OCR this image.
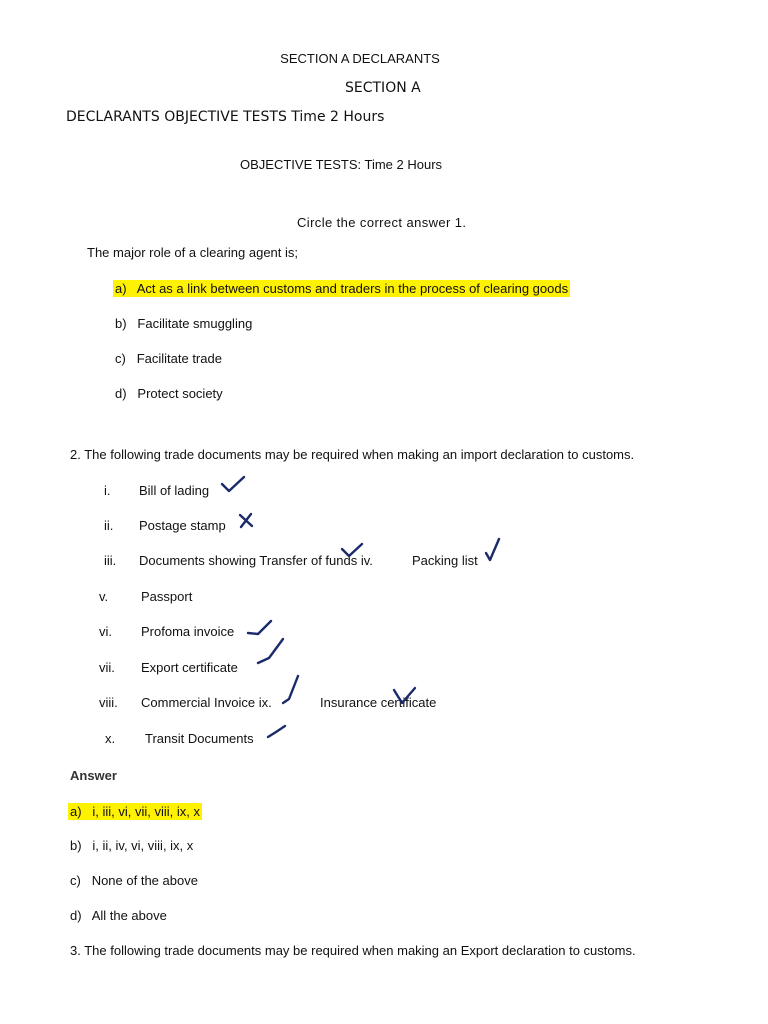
SECTION A DECLARANTS
SECTION A
DECLARANTS OBJECTIVE TESTS Time 2 Hours
OBJECTIVE TESTS: Time 2 Hours
Circle the correct answer 1.
The major role of a clearing agent is;
a) Act as a link between customs and traders in the process of clearing goods
b) Facilitate smuggling
c) Facilitate trade
d) Protect society
2. The following trade documents may be required when making an import declaration to customs.
i. Bill of lading
ii. Postage stamp
iii. Documents showing Transfer of funds iv.	Packing list
v.	Passport
vi. Profoma invoice
vii. Export certificate
viii. Commercial Invoice ix.	Insurance certificate
x. Transit Documents
Answer
a) i, iii, vi, vii, viii, ix, x
b) i, ii, iv, vi, viii, ix, x
c) None of the above
d) All the above
3. The following trade documents may be required when making an Export declaration to customs.
